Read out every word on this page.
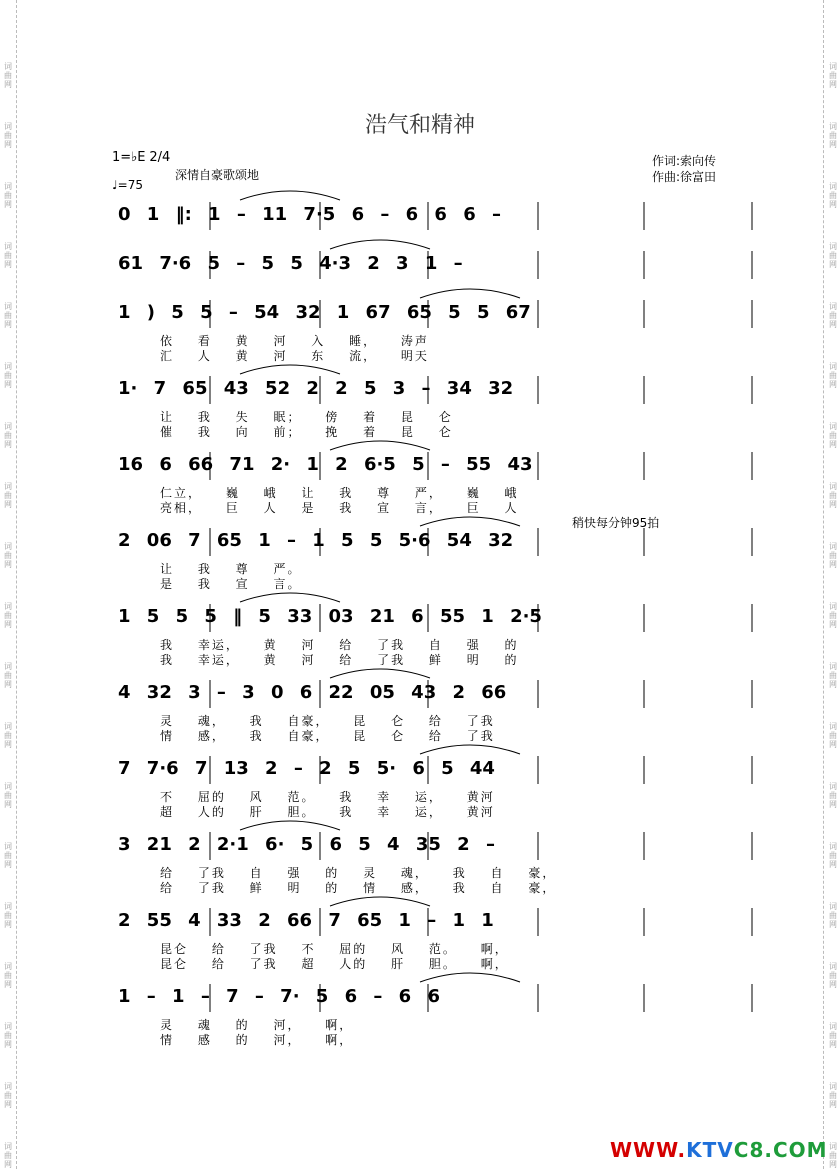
词
曲
网
词
曲
网
词
曲
网
词
曲
网
词
曲
网
词
曲
网
词
曲
网
词
曲
网
词
曲
网
词
曲
网
词
曲
网
词
曲
网
词
曲
网
词
曲
网
词
曲
网
词
曲
网
词
曲
网
词
曲
网
词
曲
网
词
曲
网
词
曲
网
词
曲
网
词
曲
网
词
曲
网
词
曲
网
词
曲
网
词
曲
网
词
曲
网
词
曲
网
词
曲
网
词
曲
网
词
曲
网
词
曲
网
词
曲
网
词
曲
网
词
曲
网
词
曲
网
词
曲
网
浩气和精神
1=♭E 2/4
♩=75
深情自豪歌颂地
作词:索向传
作曲:徐富田
稍快每分钟95拍
0 1 ‖: 1 – 11 7·5 6 – 6 6 6 –
61 7·6 5 – 5 5 4·3 2 3 1 –
1 ) 5 5 – 54 32 1 67 65 5 5 67
依 看 黄 河 入 睡， 涛声
汇 人 黄 河 东 流， 明天
1· 7 65 43 52 2 2 5 3 – 34 32
让 我 失 眠； 傍 着 昆 仑
催 我 向 前； 挽 着 昆 仑
16 6 66 71 2· 1 2 6·5 5 – 55 43
仁立， 巍 峨 让 我 尊 严， 巍 峨
亮相， 巨 人 是 我 宣 言， 巨 人
2 06 7 65 1 – 1 5 5 5·6 54 32
让 我 尊 严。
是 我 宣 言。
1 5 5 5 ‖ 5 33 03 21 6 55 1 2·5
我 幸运， 黄 河 给 了我 自 强 的
我 幸运， 黄 河 给 了我 鲜 明 的
4 32 3 – 3 0 6 22 05 43 2 66
灵 魂， 我 自豪， 昆 仑 给 了我
情 感， 我 自豪， 昆 仑 给 了我
7 7·6 7 13 2 – 2 5 5· 6 5 44
不 屈的 风 范。 我 幸 运， 黄河
超 人的 肝 胆。 我 幸 运， 黄河
3 21 2 2·1 6· 5 6 5 4 35 2 –
给 了我 自 强 的 灵 魂， 我 自 豪，
给 了我 鲜 明 的 情 感， 我 自 豪，
2 55 4 33 2 66 7 65 1 – 1 1
昆仑 给 了我 不 屈的 风 范。 啊，
昆仑 给 了我 超 人的 肝 胆。 啊，
1 – 1 – 7 – 7· 5 6 – 6 6
灵 魂 的 河， 啊，
情 感 的 河， 啊，
WWW.KTVC8.COM
